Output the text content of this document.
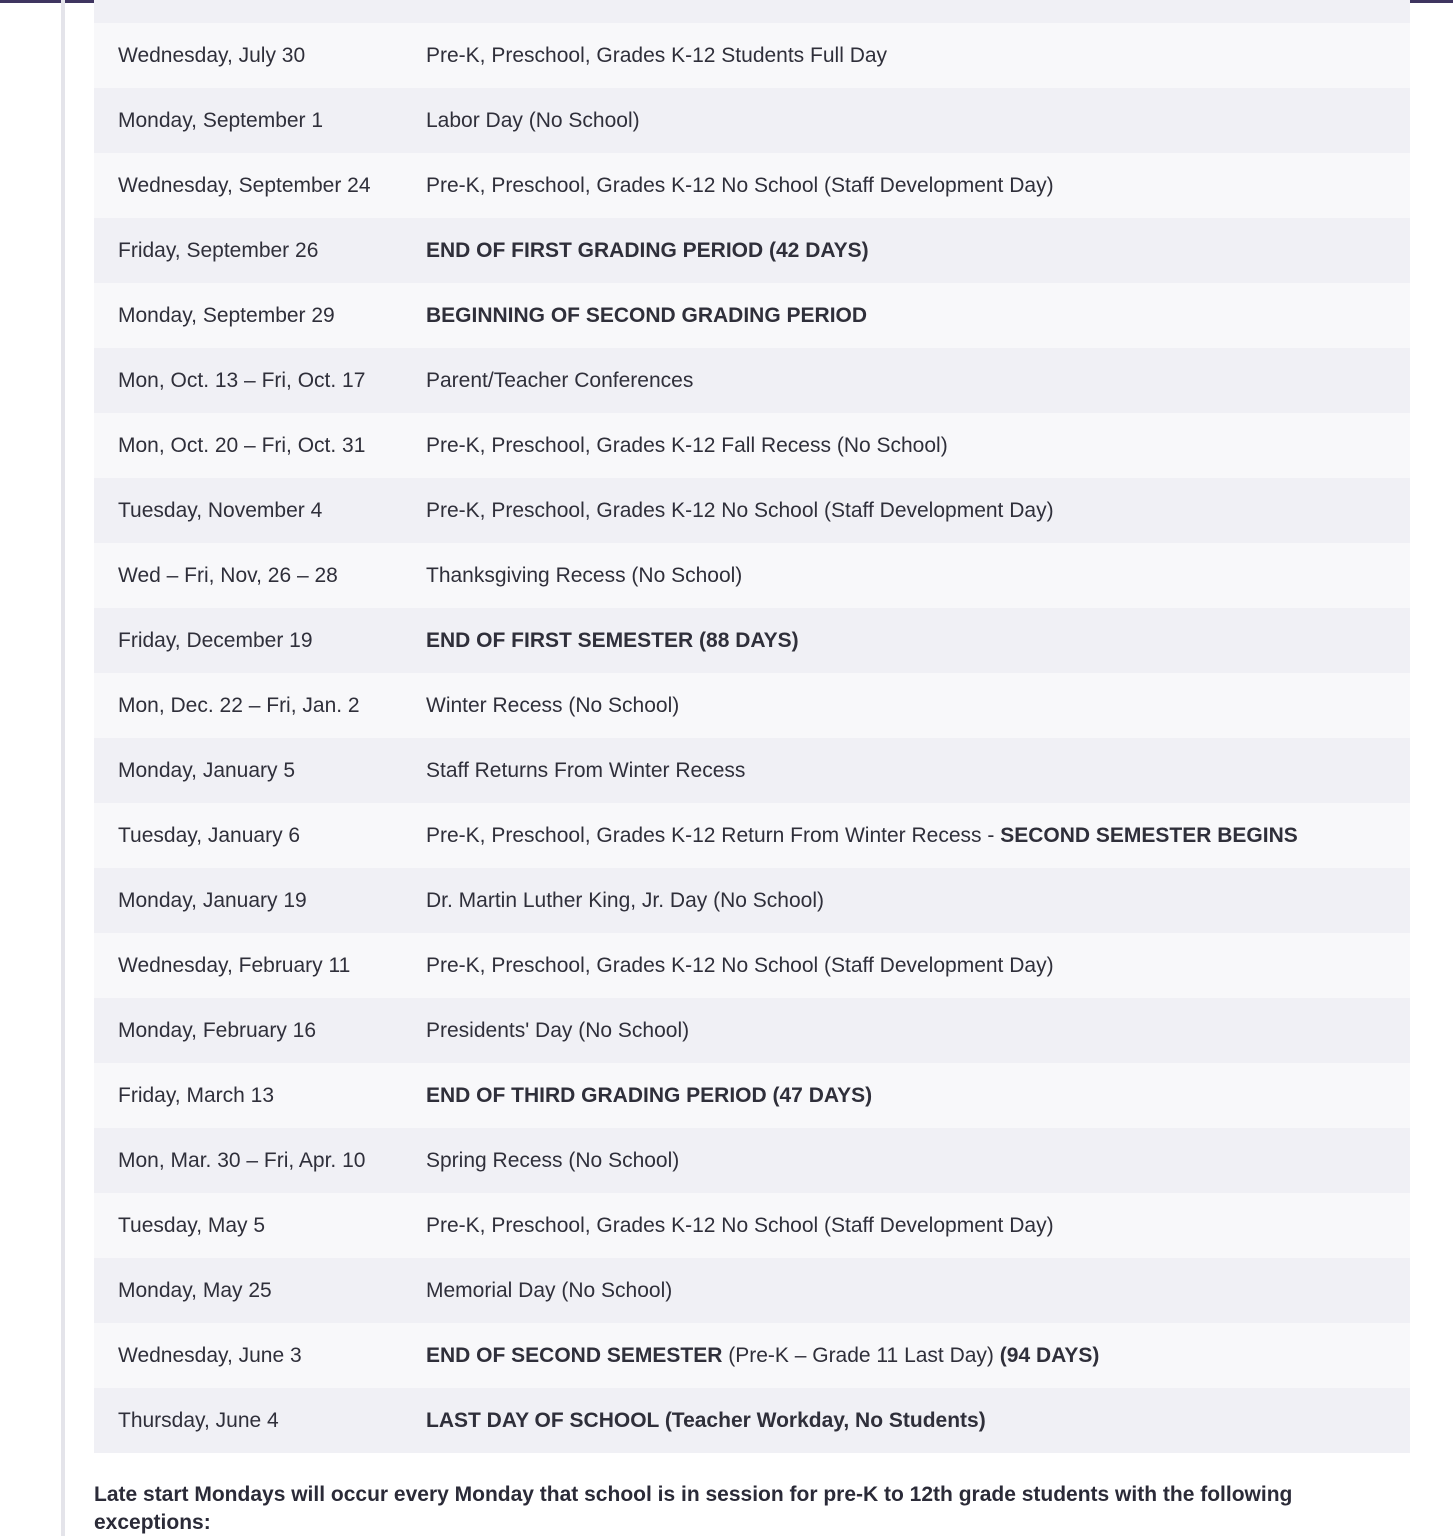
Wednesday, July 30	Pre-K, Preschool, Grades K-12 Students Full Day
Monday, September 1	Labor Day (No School)
Wednesday, September 24	Pre-K, Preschool, Grades K-12 No School (Staff Development Day)
Friday, September 26	END OF FIRST GRADING PERIOD (42 DAYS)
Monday, September 29	BEGINNING OF SECOND GRADING PERIOD
Mon, Oct. 13 – Fri, Oct. 17	Parent/Teacher Conferences
Mon, Oct. 20 – Fri, Oct. 31	Pre-K, Preschool, Grades K-12 Fall Recess (No School)
Tuesday, November 4	Pre-K, Preschool, Grades K-12 No School (Staff Development Day)
Wed – Fri, Nov, 26 – 28	Thanksgiving Recess (No School)
Friday, December 19	END OF FIRST SEMESTER (88 DAYS)
Mon, Dec. 22 – Fri, Jan. 2	Winter Recess (No School)
Monday, January 5	Staff Returns From Winter Recess
Tuesday, January 6	Pre-K, Preschool, Grades K-12 Return From Winter Recess - SECOND SEMESTER BEGINS
Monday, January 19	Dr. Martin Luther King, Jr. Day (No School)
Wednesday, February 11	Pre-K, Preschool, Grades K-12 No School (Staff Development Day)
Monday, February 16	Presidents' Day (No School)
Friday, March 13	END OF THIRD GRADING PERIOD (47 DAYS)
Mon, Mar. 30 – Fri, Apr. 10	Spring Recess (No School)
Tuesday, May 5	Pre-K, Preschool, Grades K-12 No School (Staff Development Day)
Monday, May 25	Memorial Day (No School)
Wednesday, June 3	END OF SECOND SEMESTER (Pre-K – Grade 11 Last Day) (94 DAYS)
Thursday, June 4	LAST DAY OF SCHOOL (Teacher Workday, No Students)
Late start Mondays will occur every Monday that school is in session for pre-K to 12th grade students with the following exceptions:
